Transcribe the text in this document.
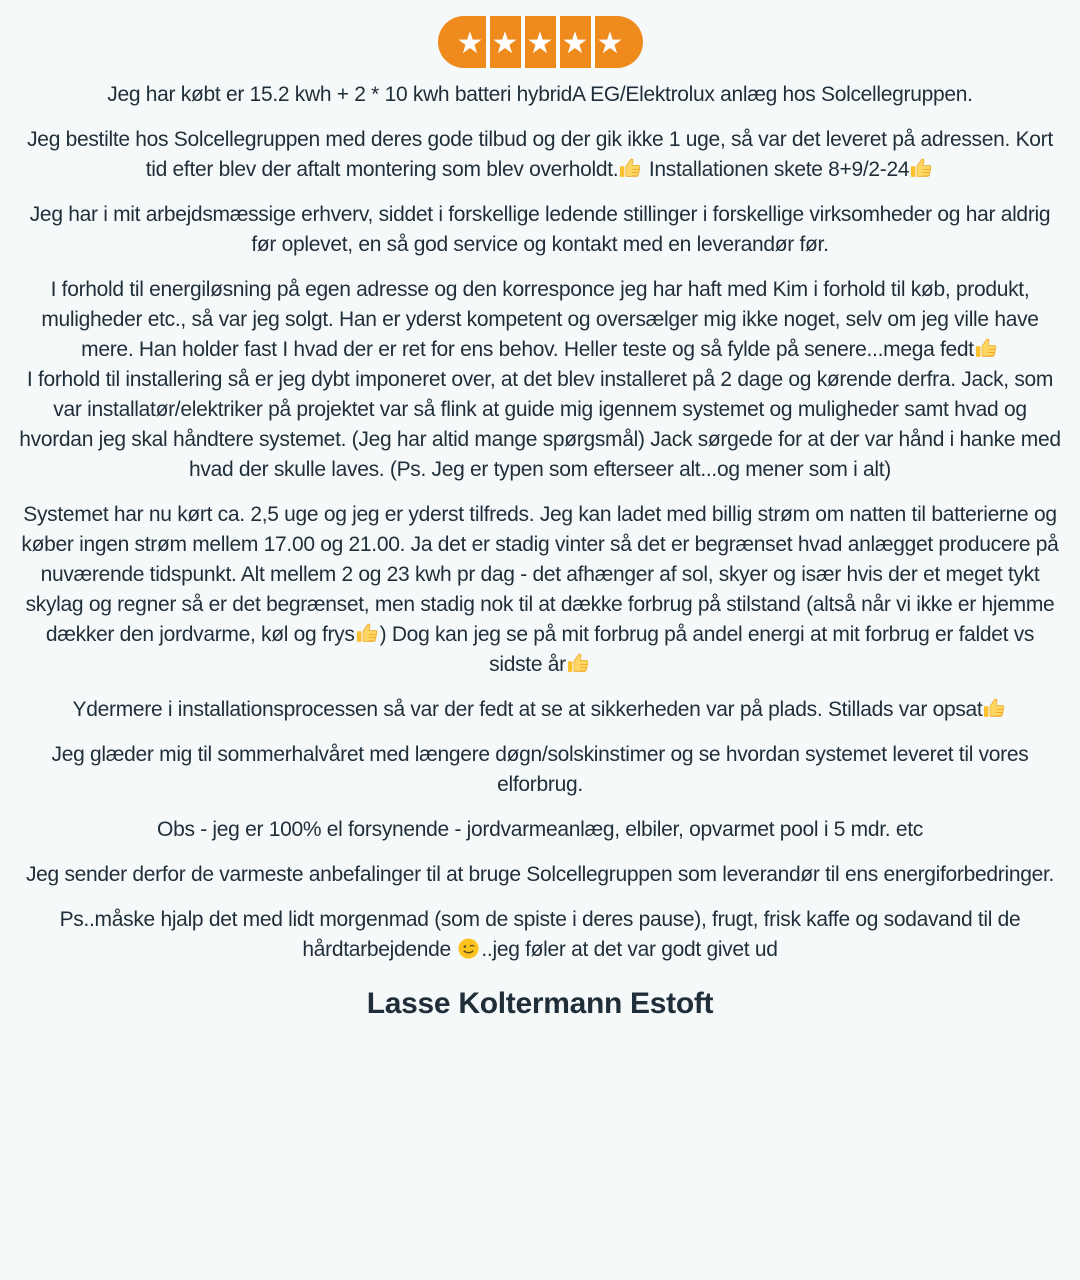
★ ★ ★ ★ ★

Jeg har købt er 15.2 kwh + 2 * 10 kwh batteri hybridA EG/Elektrolux anlæg hos Solcellegruppen.

Jeg bestilte hos Solcellegruppen med deres gode tilbud og der gik ikke 1 uge, så var det leveret på adressen. Kort tid efter blev der aftalt montering som blev overholdt.
Installationen skete 8+9/2-24

Jeg har i mit arbejdsmæssige erhverv, siddet i forskellige ledende stillinger i forskellige virksomheder og har aldrig før oplevet, en så god service og kontakt med en leverandør før.

I forhold til energiløsning på egen adresse og den korresponce jeg har haft med Kim i forhold til køb, produkt, muligheder etc., så var jeg solgt. Han er yderst kompetent og oversælger mig ikke noget, selv om jeg ville have mere. Han holder fast I hvad der er ret for ens behov. Heller teste og så fylde på senere...mega fedt

I forhold til installering så er jeg dybt imponeret over, at det blev installeret på 2 dage og kørende derfra. Jack, som var installatør/elektriker på projektet var så flink at guide mig igennem systemet og muligheder samt hvad og hvordan jeg skal håndtere systemet. (Jeg har altid mange spørgsmål) Jack sørgede for at der var hånd i hanke med hvad der skulle laves. (Ps. Jeg er typen som efterseer alt...og mener som i alt)

Systemet har nu kørt ca. 2,5 uge og jeg er yderst tilfreds. Jeg kan ladet med billig strøm om natten til batterierne og køber ingen strøm mellem 17.00 og 21.00. Ja det er stadig vinter så det er begrænset hvad anlægget producere på nuværende tidspunkt. Alt mellem 2 og 23 kwh pr dag - det afhænger af sol, skyer og især hvis der et meget tykt skylag og regner så er det begrænset, men stadig nok til at dække forbrug på stilstand (altså når vi ikke er hjemme dækker den jordvarme, køl og frys ) Dog kan jeg se på mit forbrug på andel energi at mit forbrug er faldet vs sidste år

Ydermere i installationsprocessen så var der fedt at se at sikkerheden var på plads. Stillads var opsat

Jeg glæder mig til sommerhalvåret med længere døgn/solskinstimer og se hvordan systemet leveret til vores elforbrug.

Obs - jeg er 100% el forsynende - jordvarmeanlæg, elbiler, opvarmet pool i 5 mdr. etc

Jeg sender derfor de varmeste anbefalinger til at bruge Solcellegruppen som leverandør til ens energiforbedringer.

Ps..måske hjalp det med lidt morgenmad (som de spiste i deres pause), frugt, frisk kaffe og sodavand til de hårdtarbejdende
..jeg føler at det var godt givet ud

Lasse Koltermann Estoft
